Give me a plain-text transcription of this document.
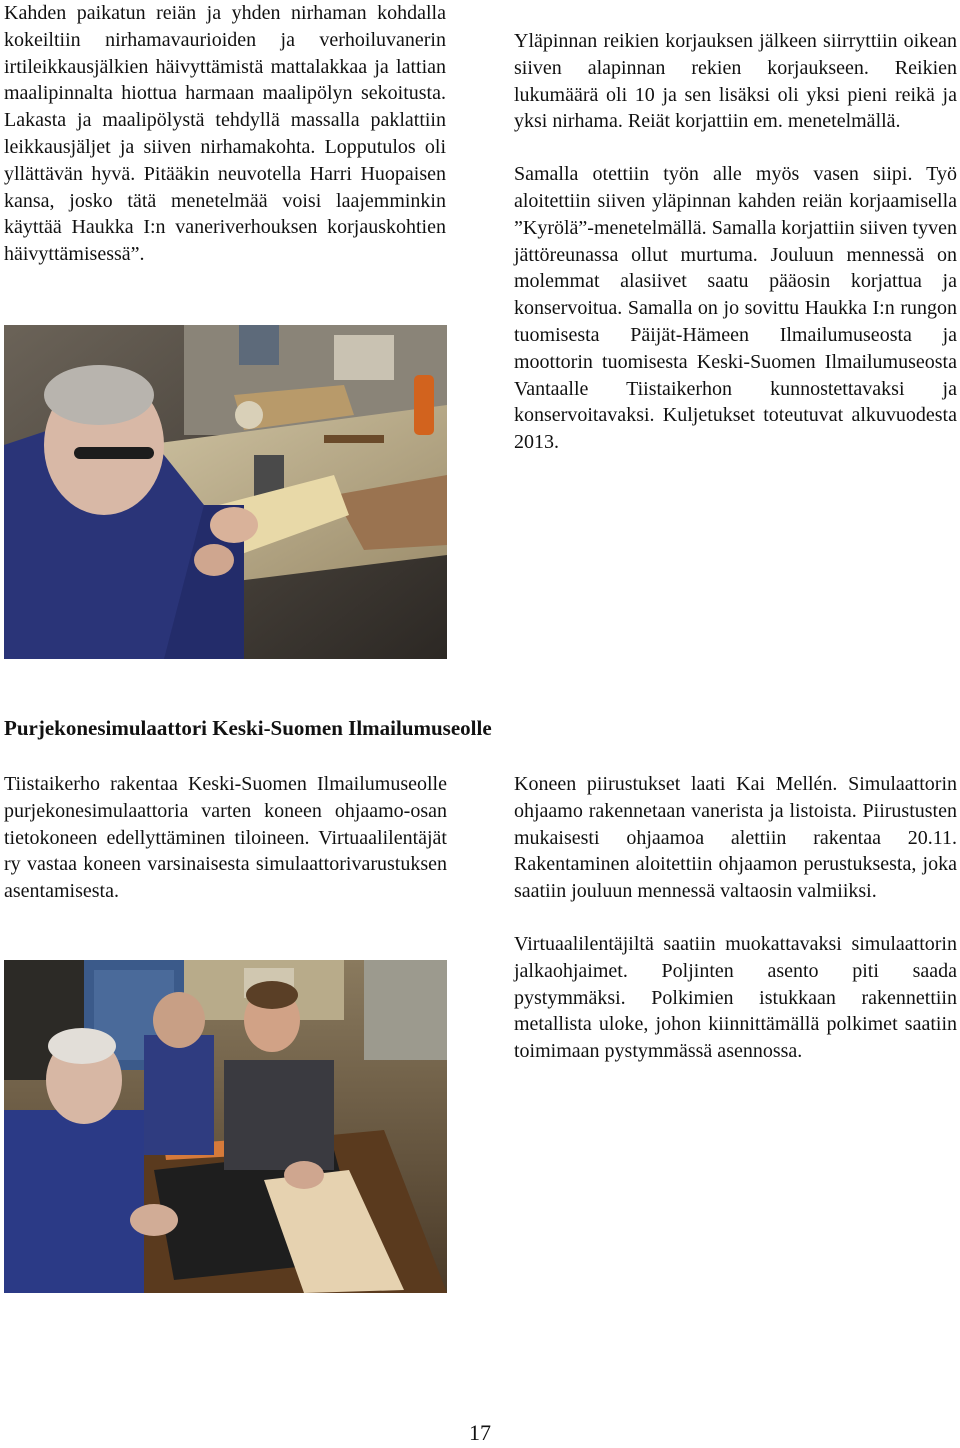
Kahden paikatun reiän ja yhden nirhaman kohdalla kokeiltiin nirhamavaurioiden ja verhoiluvanerin irtileikkausjälkien häivyttämistä mattalakkaa ja lattian maalipinnalta hiottua harmaan maalipölyn sekoitusta. Lakasta ja maalipölystä tehdyllä massalla paklattiin leikkausjäljet ja siiven nirhamakohta. Lopputulos oli yllättävän hyvä. Pitääkin neuvotella Harri Huopaisen kansa, josko tätä menetelmää voisi laajemminkin käyttää Haukka I:n vaneriverhouksen korjauskohtien häivyttämisessä”.

Yläpinnan reikien korjauksen jälkeen siirryttiin oikean siiven alapinnan rekien korjaukseen. Reikien lukumäärä oli 10 ja sen lisäksi oli yksi pieni reikä ja yksi nirhama. Reiät korjattiin em. menetelmällä.

Samalla otettiin työn alle myös vasen siipi. Työ aloitettiin siiven yläpinnan kahden reiän korjaamisella ”Kyrölä”-menetelmällä. Samalla korjattiin siiven tyven jättöreunassa ollut murtuma. Jouluun mennessä on molemmat alasiivet saatu pääosin korjattua ja konservoitua. Samalla on jo sovittu Haukka I:n rungon tuomisesta Päijät-Hämeen Ilmailumuseosta ja moottorin tuomisesta Keski-Suomen Ilmailumuseosta Vantaalle Tiistaikerhon kunnostettavaksi ja konservoitavaksi. Kuljetukset toteutuvat alkuvuodesta 2013.

Purjekonesimulaattori Keski-Suomen Ilmailumuseolle

Tiistaikerho rakentaa Keski-Suomen Ilmailumuseolle purjekonesimulaattoria varten koneen ohjaamo-osan tietokoneen edellyttäminen tiloineen. Virtuaalilentäjät ry vastaa koneen varsinaisesta simulaattorivarustuksen asentamisesta.

Koneen piirustukset laati Kai Mellén. Simulaattorin ohjaamo rakennetaan vanerista ja listoista. Piirustusten mukaisesti ohjaamoa alettiin rakentaa 20.11. Rakentaminen aloitettiin ohjaamon perustuksesta, joka saatiin jouluun mennessä valtaosin valmiiksi.

Virtuaalilentäjiltä saatiin muokattavaksi simulaattorin jalkaohjaimet. Poljinten asento piti saada pystymmäksi. Polkimien istukkaan rakennettiin metallista uloke, johon kiinnittämällä polkimet saatiin toimimaan pystymmässä asennossa.

17
